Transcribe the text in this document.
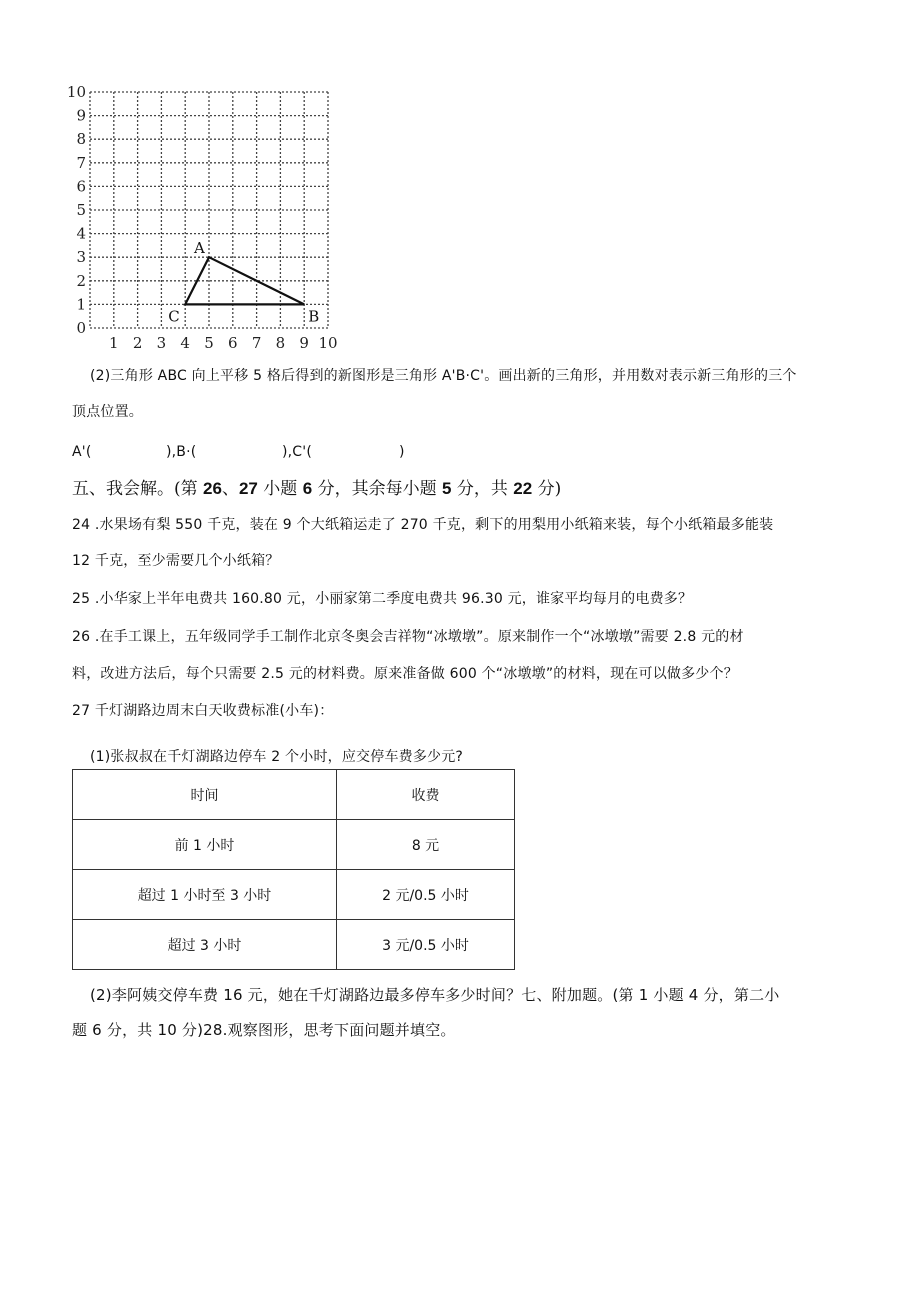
0
1
2
3
4
5
6
7
8
9
10
1 2 3 4 5 6 7 8 9 10
A
B
C
(2)三角形 ABC 向上平移 5 格后得到的新图形是三角形 A'B·C'。画出新的三角形，并用数对表示新三角形的三个
顶点位置。
A'(	),B·(	),C'(	)
五、我会解。(第 26、27 小题 6 分，其余每小题 5 分，共 22 分)
24 .水果场有梨 550 千克，装在 9 个大纸箱运走了 270 千克，剩下的用梨用小纸箱来装，每个小纸箱最多能装
12 千克，至少需要几个小纸箱？
25 .小华家上半年电费共 160.80 元，小丽家第二季度电费共 96.30 元，谁家平均每月的电费多？
26 .在手工课上，五年级同学手工制作北京冬奥会吉祥物“冰墩墩”。原来制作一个“冰墩墩”需要 2.8 元的材
料，改进方法后，每个只需要 2.5 元的材料费。原来准备做 600 个“冰墩墩”的材料，现在可以做多少个？
27 千灯湖路边周末白天收费标准(小车)：
(1)张叔叔在千灯湖路边停车 2 个小时，应交停车费多少元?
时间	收费
前 1 小时	8 元
超过 1 小时至 3 小时	2 元/0.5 小时
超过 3 小时	3 元/0.5 小时
(2)李阿姨交停车费 16 元，她在千灯湖路边最多停车多少时间？七、附加题。(第 1 小题 4 分，第二小
题 6 分，共 10 分)28.观察图形，思考下面问题并填空。
